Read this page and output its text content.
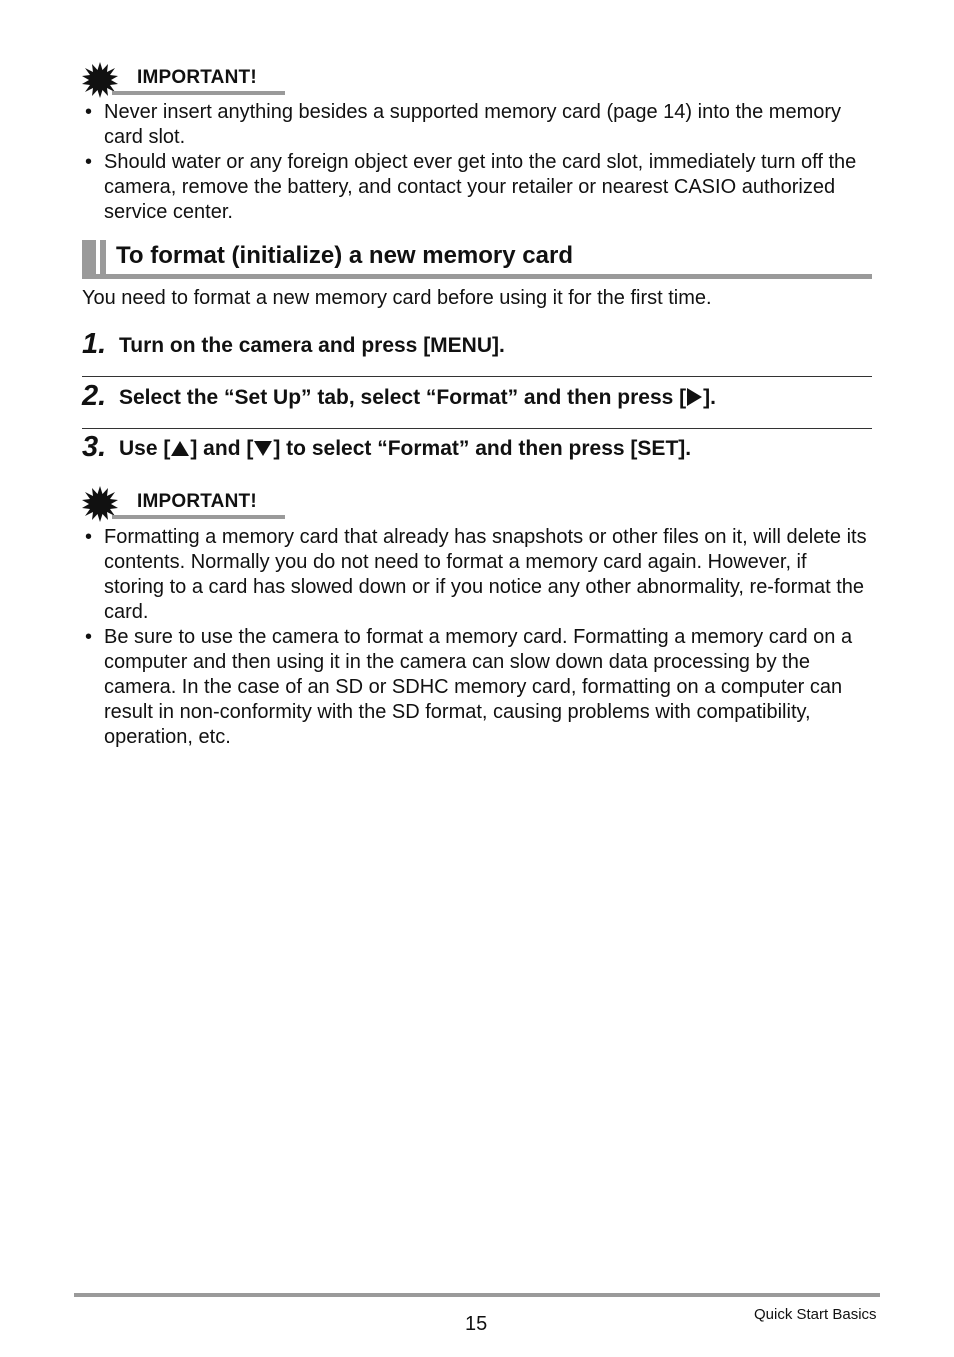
IMPORTANT!
• Never insert anything besides a supported memory card (page 14) into the memory card slot.
• Should water or any foreign object ever get into the card slot, immediately turn off the camera, remove the battery, and contact your retailer or nearest CASIO authorized service center.
To format (initialize) a new memory card
You need to format a new memory card before using it for the first time.
1. Turn on the camera and press [MENU].
2. Select the “Set Up” tab, select “Format” and then press [ ].
3. Use [ ] and [ ] to select “Format” and then press [SET].
IMPORTANT!
• Formatting a memory card that already has snapshots or other files on it, will delete its contents. Normally you do not need to format a memory card again. However, if storing to a card has slowed down or if you notice any other abnormality, re-format the card.
• Be sure to use the camera to format a memory card. Formatting a memory card on a computer and then using it in the camera can slow down data processing by the camera. In the case of an SD or SDHC memory card, formatting on a computer can result in non-conformity with the SD format, causing problems with compatibility, operation, etc.
15	Quick Start Basics
